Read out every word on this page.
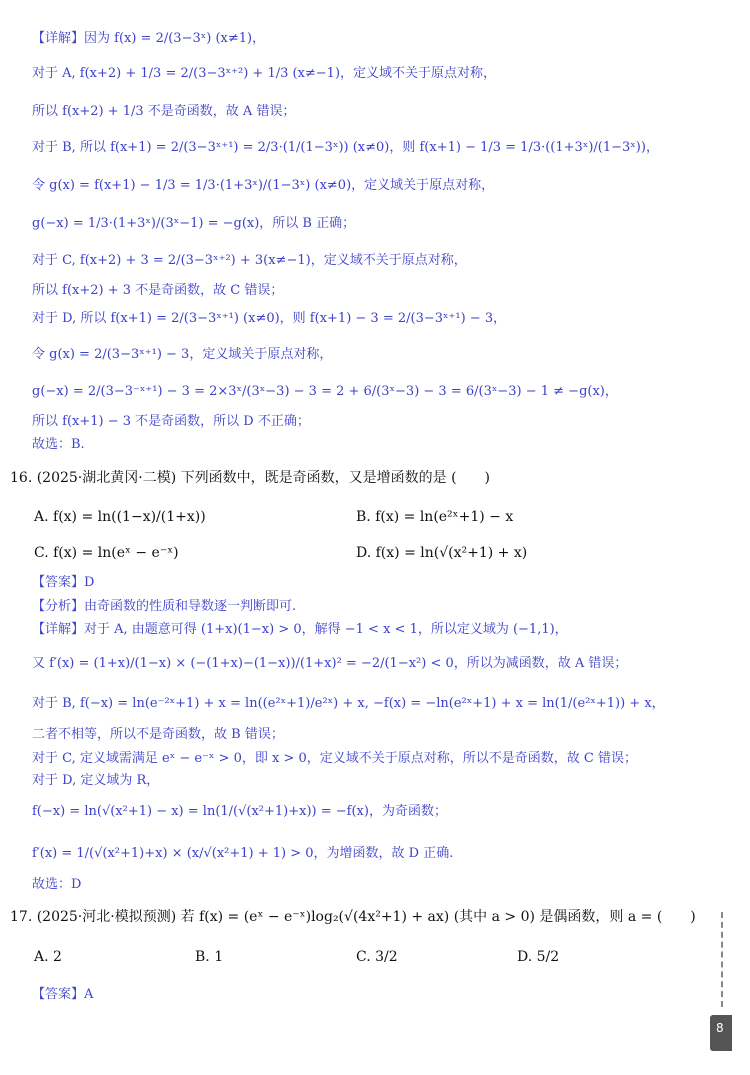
【详解】因为 f(x) = 2/(3−3ˣ) (x≠1)，
对于 A, f(x+2) + 1/3 = 2/(3−3ˣ⁺²) + 1/3 (x≠−1)，定义域不关于原点对称，
所以 f(x+2) + 1/3 不是奇函数，故 A 错误；
对于 B, 所以 f(x+1) = 2/(3−3ˣ⁺¹) = 2/3·(1/(1−3ˣ)) (x≠0)，则 f(x+1) − 1/3 = 1/3·((1+3ˣ)/(1−3ˣ))，
令 g(x) = f(x+1) − 1/3 = 1/3·(1+3ˣ)/(1−3ˣ) (x≠0)，定义域关于原点对称，
g(−x) = 1/3·(1+3ˣ)/(3ˣ−1) = −g(x)，所以 B 正确；
对于 C, f(x+2) + 3 = 2/(3−3ˣ⁺²) + 3(x≠−1)，定义域不关于原点对称，
所以 f(x+2) + 3 不是奇函数，故 C 错误；
对于 D, 所以 f(x+1) = 2/(3−3ˣ⁺¹) (x≠0)，则 f(x+1) − 3 = 2/(3−3ˣ⁺¹) − 3，
令 g(x) = 2/(3−3ˣ⁺¹) − 3，定义域关于原点对称，
g(−x) = 2/(3−3⁻ˣ⁺¹) − 3 = 2×3ˣ/(3ˣ−3) − 3 = 2 + 6/(3ˣ−3) − 3 = 6/(3ˣ−3) − 1 ≠ −g(x)，
所以 f(x+1) − 3 不是奇函数，所以 D 不正确；
故选：B.
16. (2025·湖北黄冈·二模) 下列函数中，既是奇函数，又是增函数的是 (　　)
A. f(x) = ln((1−x)/(1+x))	B. f(x) = ln(e²ˣ+1) − x
C. f(x) = ln(eˣ − e⁻ˣ)	D. f(x) = ln(√(x²+1) + x)
【答案】D
【分析】由奇函数的性质和导数逐一判断即可.
【详解】对于 A, 由题意可得 (1+x)(1−x) > 0，解得 −1 < x < 1，所以定义域为 (−1,1)，
又 f′(x) = (1+x)/(1−x) × (−(1+x)−(1−x))/(1+x)² = −2/(1−x²) < 0，所以为减函数，故 A 错误；
对于 B, f(−x) = ln(e⁻²ˣ+1) + x = ln((e²ˣ+1)/e²ˣ) + x, −f(x) = −ln(e²ˣ+1) + x = ln(1/(e²ˣ+1)) + x，
二者不相等，所以不是奇函数，故 B 错误；
对于 C, 定义域需满足 eˣ − e⁻ˣ > 0，即 x > 0，定义域不关于原点对称，所以不是奇函数，故 C 错误；
对于 D, 定义域为 R，
f(−x) = ln(√(x²+1) − x) = ln(1/(√(x²+1)+x)) = −f(x)，为奇函数；
f′(x) = 1/(√(x²+1)+x) × (x/√(x²+1) + 1) > 0，为增函数，故 D 正确.
故选：D
17. (2025·河北·模拟预测) 若 f(x) = (eˣ − e⁻ˣ)log₂(√(4x²+1) + ax) (其中 a > 0) 是偶函数，则 a = (　　)
A. 2	B. 1	C. 3/2	D. 5/2
【答案】A
8
